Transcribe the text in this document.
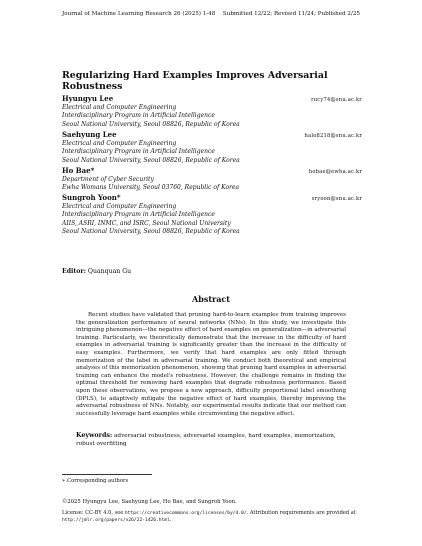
Journal of Machine Learning Research 26 (2025) 1-48 Submitted 12/22; Revised 11/24; Published 2/25
Regularizing Hard Examples Improves Adversarial Robustness
Hyungyu Lee	rucy74@snu.ac.kr
Electrical and Computer Engineering
Interdisciplinary Program in Artificial Intelligence
Seoul National University, Seoul 08826, Republic of Korea
Saehyung Lee	halo8218@snu.ac.kr
Electrical and Computer Engineering
Interdisciplinary Program in Artificial Intelligence
Seoul National University, Seoul 08826, Republic of Korea
Ho Bae*	hobae@ewha.ac.kr
Department of Cyber Security
Ewha Womans University, Seoul 03760, Republic of Korea
Sungroh Yoon*	sryoon@snu.ac.kr
Electrical and Computer Engineering
Interdisciplinary Program in Artificial Intelligence
AIIS, ASRI, INMC, and ISRC, Seoul National University
Seoul National University, Seoul 08826, Republic of Korea
Editor: Quanquan Gu
Abstract
Recent studies have validated that pruning hard-to-learn examples from training improves the generalization performance of neural networks (NNs). In this study, we investigate this intriguing phenomenon—the negative effect of hard examples on generalization—in adversarial training. Particularly, we theoretically demonstrate that the increase in the difficulty of hard examples in adversarial training is significantly greater than the increase in the difficulty of easy examples. Furthermore, we verify that hard examples are only fitted through memorization of the label in adversarial training. We conduct both theoretical and empirical analyses of this memorization phenomenon, showing that pruning hard examples in adversarial training can enhance the model's robustness. However, the challenge remains in finding the optimal threshold for removing hard examples that degrade robustness performance. Based upon these observations, we propose a new approach, difficulty proportional label smoothing (DPLS), to adaptively mitigate the negative effect of hard examples, thereby improving the adversarial robustness of NNs. Notably, our experimental results indicate that our method can successfully leverage hard examples while circumventing the negative effect.
Keywords: adversarial robustness, adversarial examples, hard examples, memorization, robust overfitting
∗.Corresponding authors
©2025 Hyungyu Lee, Saehyung Lee, Ho Bae, and Sungroh Yoon.
License: CC-BY 4.0, see https://creativecommons.org/licenses/by/4.0/. Attribution requirements are provided at http://jmlr.org/papers/v26/22-1426.html.
